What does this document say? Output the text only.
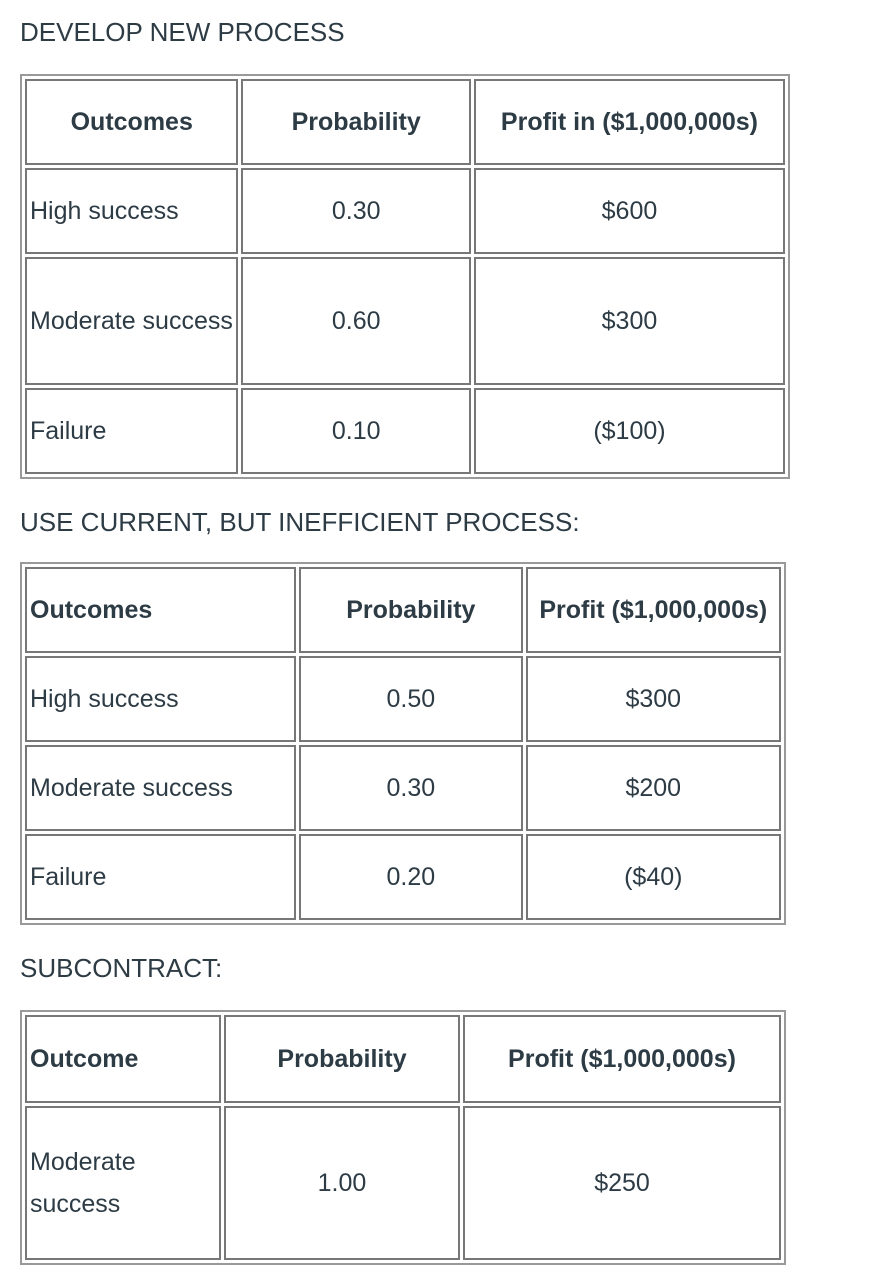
DEVELOP NEW PROCESS
Outcomes	Probability	Profit in ($1,000,000s)
High success	0.30	$600
Moderate success	0.60	$300
Failure	0.10	($100)
USE CURRENT, BUT INEFFICIENT PROCESS:
Outcomes	Probability	Profit ($1,000,000s)
High success	0.50	$300
Moderate success	0.30	$200
Failure	0.20	($40)
SUBCONTRACT:
Outcome	Probability	Profit ($1,000,000s)
Moderate success	1.00	$250
